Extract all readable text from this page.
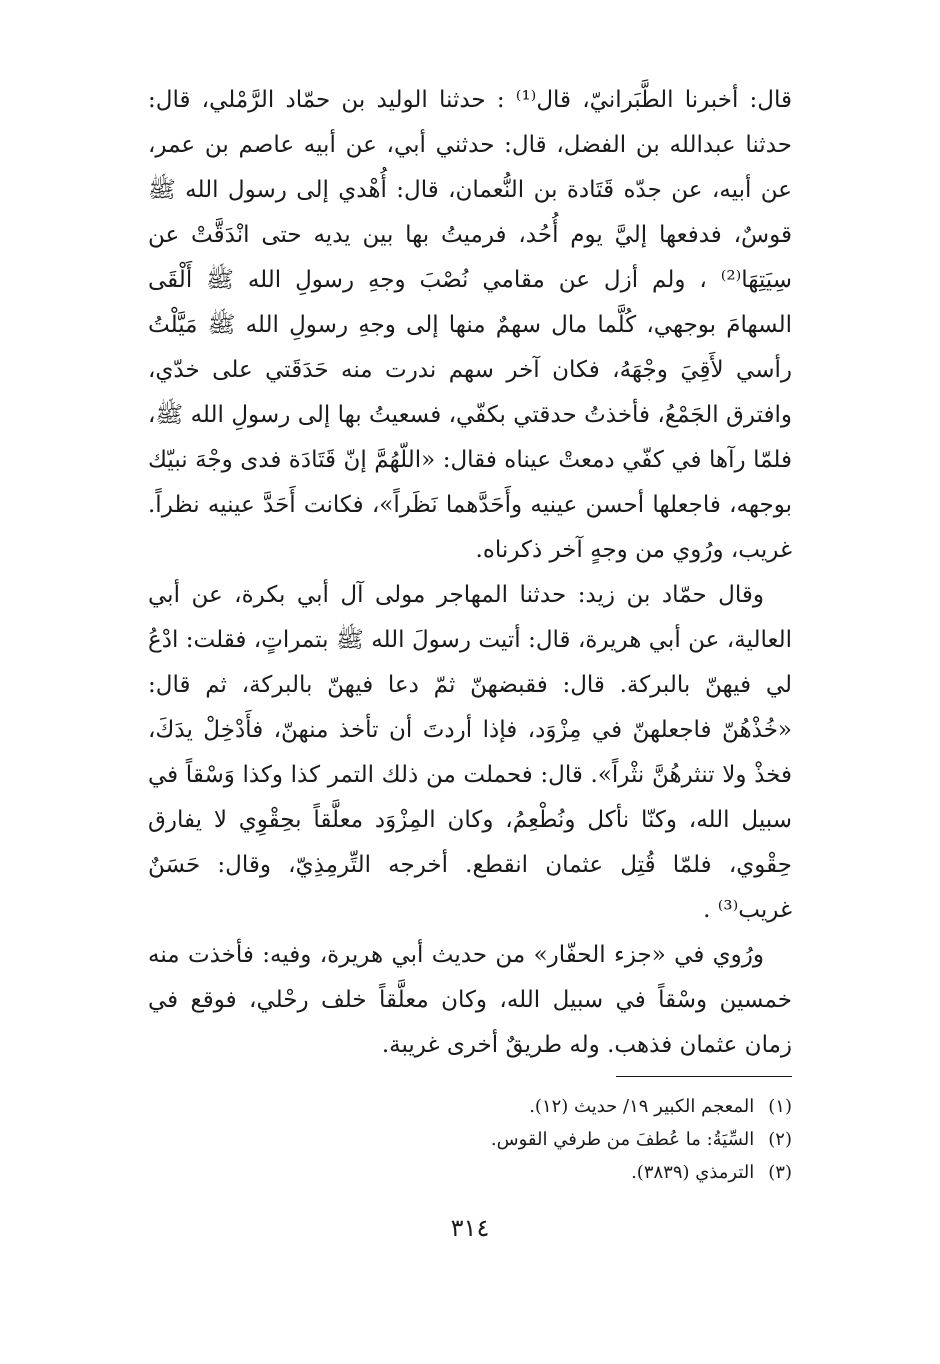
قال: أخبرنا الطَّبَرانيّ، قال⁽¹⁾ : حدثنا الوليد بن حمّاد الرَّمْلي، قال: حدثنا عبدالله بن الفضل، قال: حدثني أبي، عن أبيه عاصم بن عمر، عن أبيه، عن جدّه قَتَادة بن النُّعمان، قال: أُهْدي إلى رسول الله ﷺ قوسٌ، فدفعها إليَّ يوم أُحُد، فرميتُ بها بين يديه حتى انْدَقَّتْ عن سِيَتِهَا⁽²⁾ ، ولم أزل عن مقامي نُصْبَ وجهِ رسولِ الله ﷺ أَلْقَى السهامَ بوجهي، كُلَّما مال سهمٌ منها إلى وجهِ رسولِ الله ﷺ مَيَّلْتُ رأسي لأَقِيَ وجْهَهُ، فكان آخر سهم ندرت منه حَدَقَتي على خدّي، وافترق الجَمْعُ، فأخذتُ حدقتي بكفّي، فسعيتُ بها إلى رسولِ الله ﷺ، فلمّا رآها في كفّي دمعتْ عيناه فقال: «اللّهُمَّ إنّ قَتَادَة فدى وجْهَ نبيّك بوجهه، فاجعلها أحسن عينيه وأَحَدَّهما نَظَراً»، فكانت أَحَدَّ عينيه نظراً. غريب، ورُوي من وجهٍ آخر ذكرناه.

وقال حمّاد بن زيد: حدثنا المهاجر مولى آل أبي بكرة، عن أبي العالية، عن أبي هريرة، قال: أتيت رسولَ الله ﷺ بتمراتٍ، فقلت: ادْعُ لي فيهنّ بالبركة. قال: فقبضهنّ ثمّ دعا فيهنّ بالبركة، ثم قال: «خُذْهُنّ فاجعلهنّ في مِزْوَد، فإذا أردتَ أن تأخذ منهنّ، فأَدْخِلْ يدَكَ، فخذْ ولا تنثرهُنَّ نثْراً». قال: فحملت من ذلك التمر كذا وكذا وَسْقاً في سبيل الله، وكنّا نأكل ونُطْعِمُ، وكان المِزْوَد معلَّقاً بحِقْوِي لا يفارق حِقْوي، فلمّا قُتِل عثمان انقطع. أخرجه التِّرمِذِيّ، وقال: حَسَنٌ غريب⁽³⁾ .

ورُوي في «جزء الحفّار» من حديث أبي هريرة، وفيه: فأخذت منه خمسين وسْقاً في سبيل الله، وكان معلَّقاً خلف رحْلي، فوقع في زمان عثمان فذهب. وله طريقٌ أخرى غريبة.

(١)المعجم الكبير ١٩/ حديث (١٢).

(٢)السِّيَةُ: ما عُطفَ من طرفي القوس.

(٣)الترمذي (٣٨٣٩).

٣١٤
